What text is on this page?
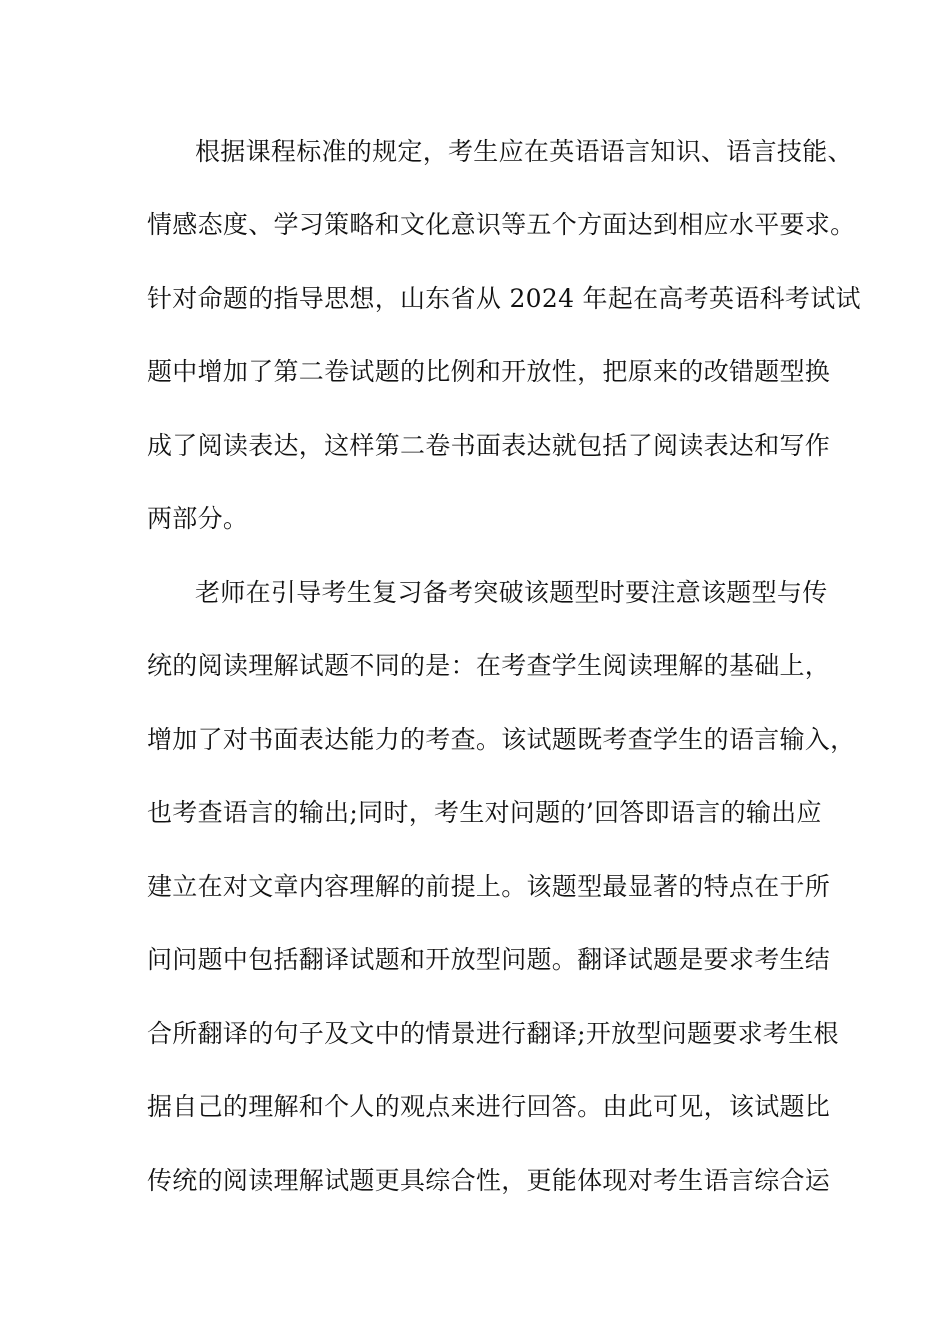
根据课程标准的规定，考生应在英语语言知识、语言技能、
情感态度、学习策略和文化意识等五个方面达到相应水平要求。
针对命题的指导思想，山东省从 2024 年起在高考英语科考试试
题中增加了第二卷试题的比例和开放性，把原来的改错题型换
成了阅读表达，这样第二卷书面表达就包括了阅读表达和写作
两部分。
老师在引导考生复习备考突破该题型时要注意该题型与传
统的阅读理解试题不同的是：在考查学生阅读理解的基础上，
增加了对书面表达能力的考查。该试题既考查学生的语言输入，
也考查语言的输出;同时，考生对问题的’回答即语言的输出应
建立在对文章内容理解的前提上。该题型最显著的特点在于所
问问题中包括翻译试题和开放型问题。翻译试题是要求考生结
合所翻译的句子及文中的情景进行翻译;开放型问题要求考生根
据自己的理解和个人的观点来进行回答。由此可见，该试题比
传统的阅读理解试题更具综合性，更能体现对考生语言综合运
